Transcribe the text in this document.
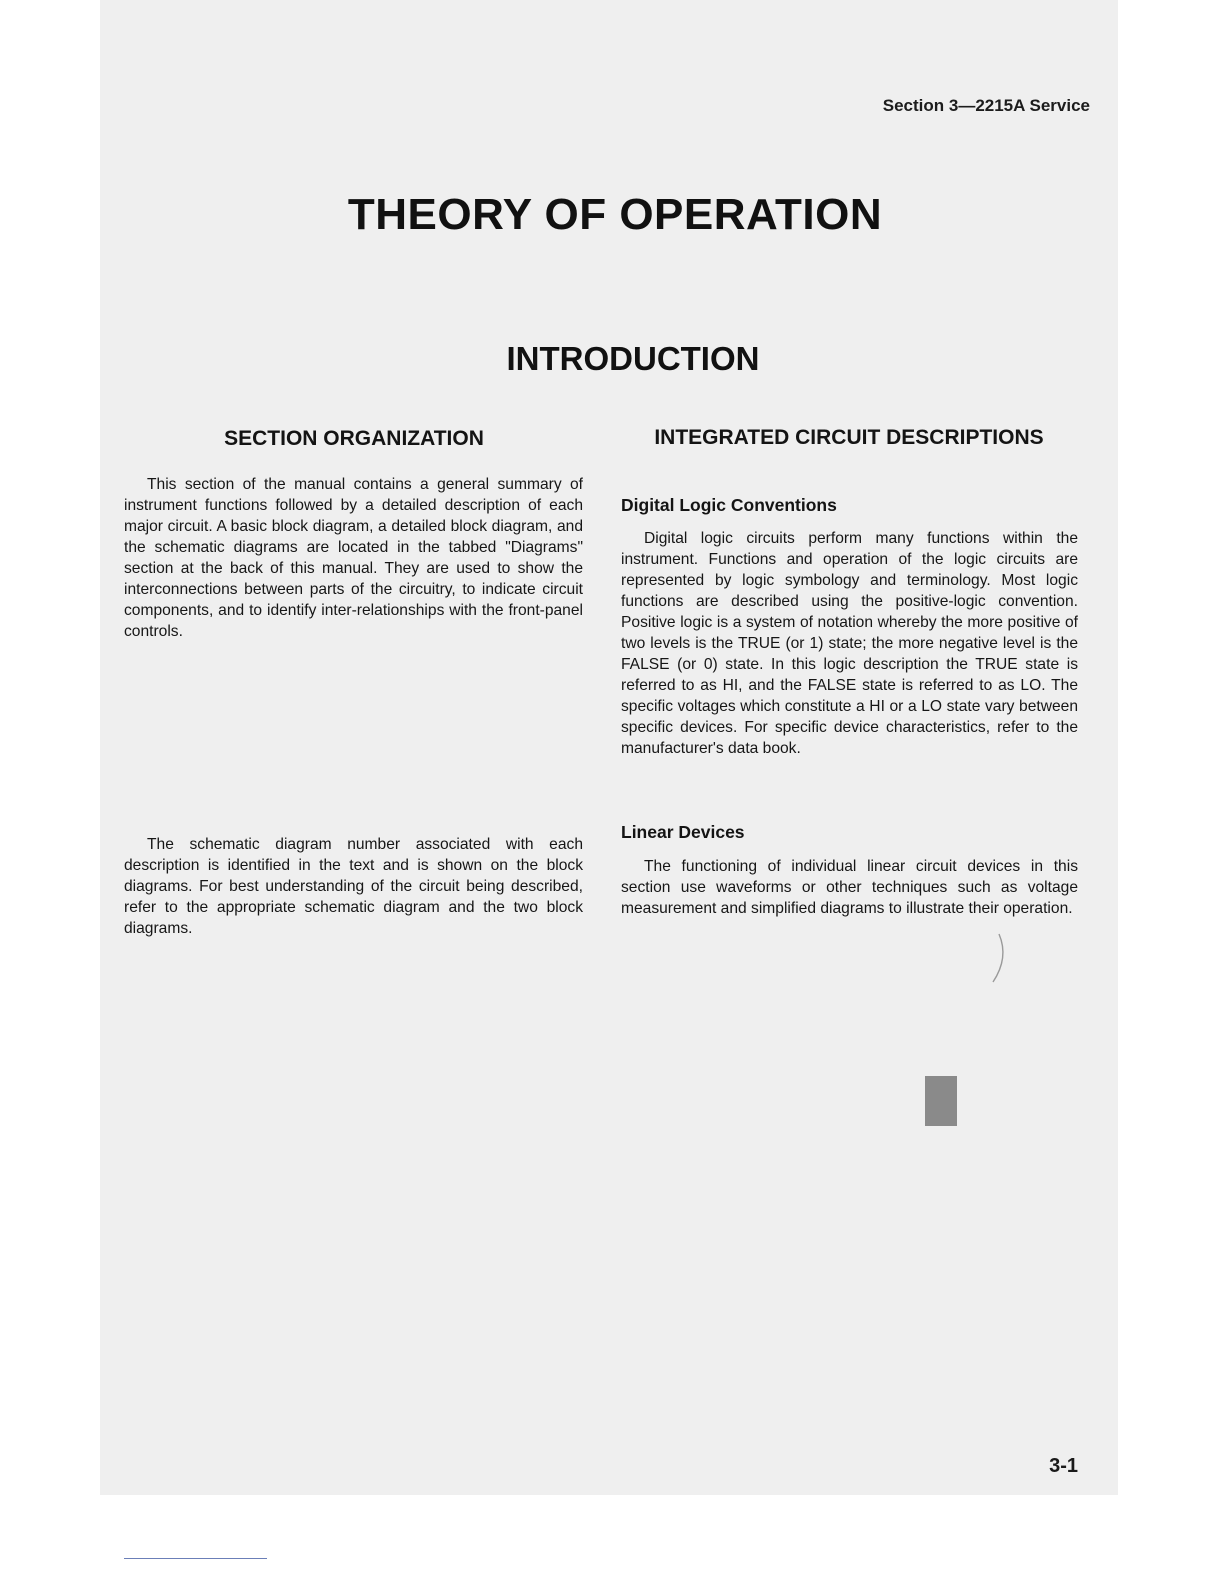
Section 3—2215A Service
THEORY OF OPERATION
INTRODUCTION
SECTION ORGANIZATION
This section of the manual contains a general summary of instrument functions followed by a detailed description of each major circuit. A basic block diagram, a detailed block diagram, and the schematic diagrams are located in the tabbed "Diagrams" section at the back of this manual. They are used to show the interconnections between parts of the circuitry, to indicate circuit components, and to identify inter-relationships with the front-panel controls.
The schematic diagram number associated with each description is identified in the text and is shown on the block diagrams. For best understanding of the circuit being described, refer to the appropriate schematic diagram and the two block diagrams.
INTEGRATED CIRCUIT DESCRIPTIONS
Digital Logic Conventions
Digital logic circuits perform many functions within the instrument. Functions and operation of the logic circuits are represented by logic symbology and terminology. Most logic functions are described using the positive-logic convention. Positive logic is a system of notation whereby the more positive of two levels is the TRUE (or 1) state; the more negative level is the FALSE (or 0) state. In this logic description the TRUE state is referred to as HI, and the FALSE state is referred to as LO. The specific voltages which constitute a HI or a LO state vary between specific devices. For specific device characteristics, refer to the manufacturer's data book.
Linear Devices
The functioning of individual linear circuit devices in this section use waveforms or other techniques such as voltage measurement and simplified diagrams to illustrate their operation.
3-1
